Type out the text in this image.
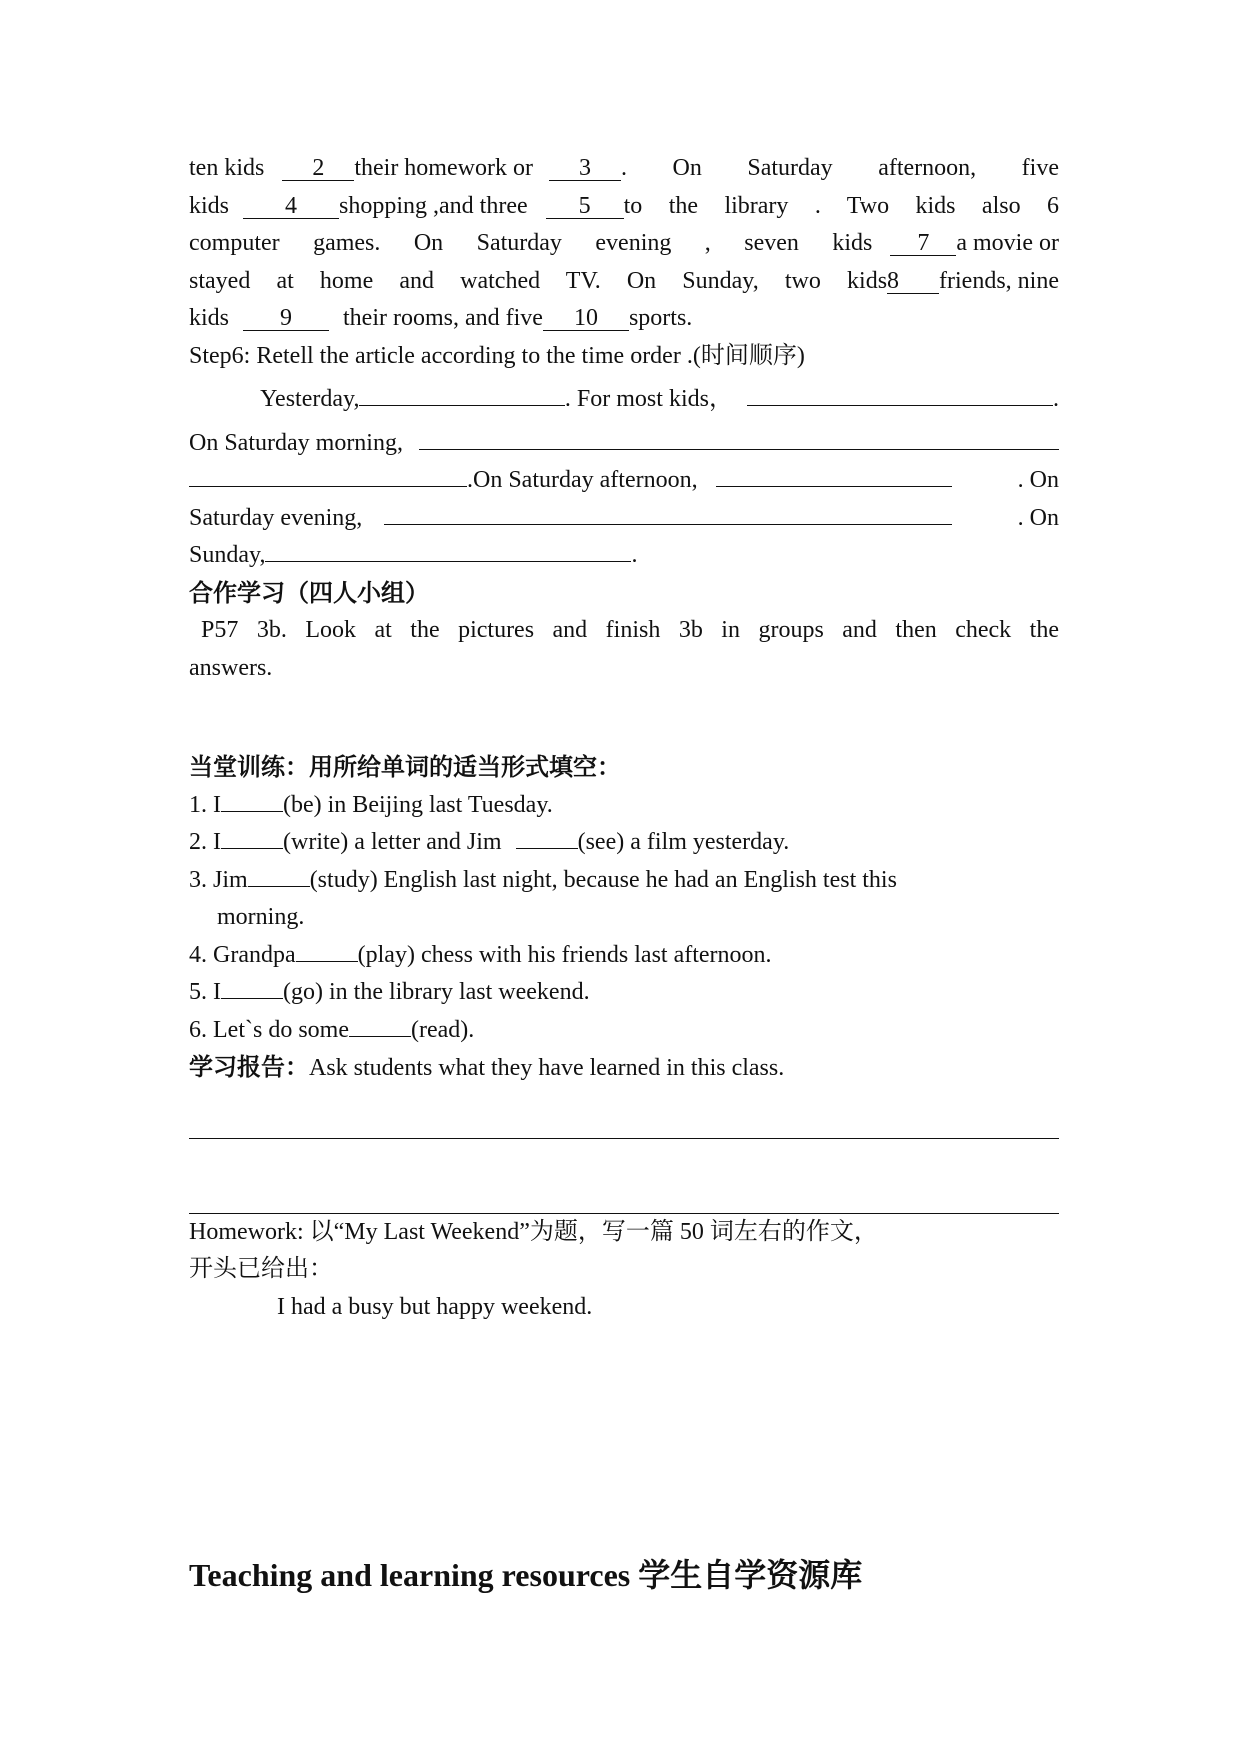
ten kids	2	their homework or	3	. On Saturday afternoon, five
kids	4	shopping ,and three	5	to the library . Two kids also 6
computer games. On Saturday evening , seven kids	7	a movie or
stayed at home and watched TV. On Sunday, two kids 8	friends, nine
kids	9	their rooms, and five	10	sports.
Step6: Retell the article according to the time order .(时间顺序)
Yesterday,	. For most kids，	.
On Saturday morning,
.On Saturday afternoon,	. On
Saturday evening,	. On
Sunday,	.
合作学习（四人小组）
P57 3b. Look at the pictures and finish 3b in groups and then check the
answers.
当堂训练：用所给单词的适当形式填空：
1. I	(be) in Beijing last Tuesday.
2. I	(write) a letter and Jim	(see) a film yesterday.
3. Jim	(study) English last night, because he had an English test this
morning.
4. Grandpa	(play) chess with his friends last afternoon.
5. I	(go) in the library last weekend.
6. Let`s do some	(read).
学习报告： Ask students what they have learned in this class.
Homework: 以“My Last Weekend”为题，写一篇 50 词左右的作文，
开头已给出：
I had a busy but happy weekend.
Teaching and learning resources 学生自学资源库
